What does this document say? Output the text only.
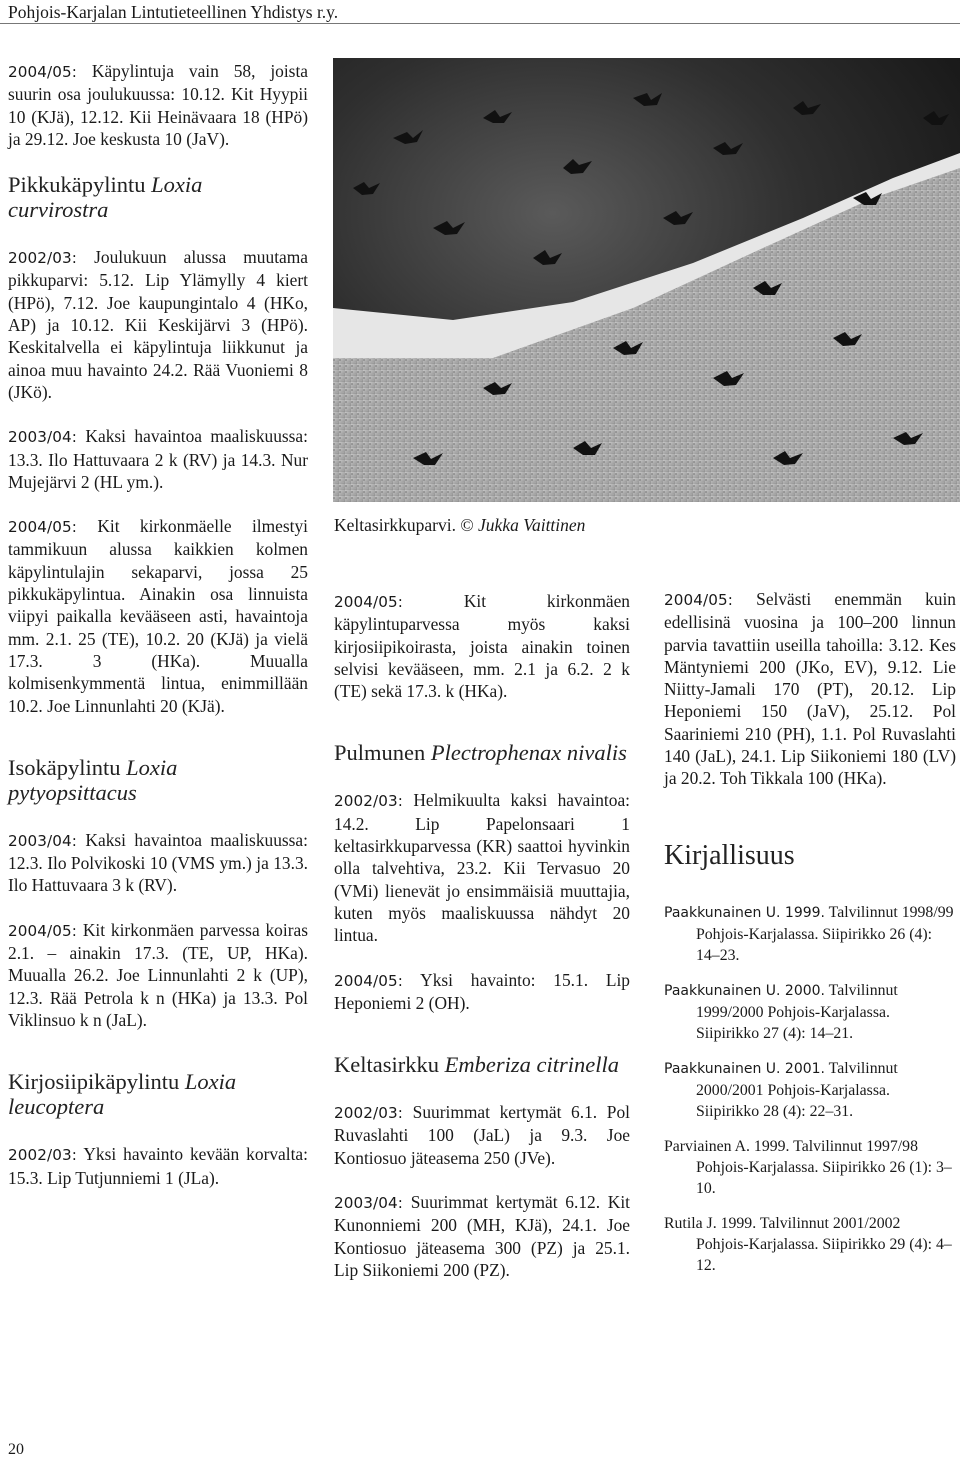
Pohjois-Karjalan Lintutieteellinen Yhdistys r.y.

2004/05: Käpylintuja vain 58, joista suurin osa joulukuussa: 10.12. Kit Hyypii 10 (KJä), 12.12. Kii Heinävaara 18 (HPö) ja 29.12. Joe keskusta 10 (JaV).

Pikkukäpylintu Loxia curvirostra

2002/03: Joulukuun alussa muutama pikkuparvi: 5.12. Lip Ylämylly 4 kiert (HPö), 7.12. Joe kaupungintalo 4 (HKo, AP) ja 10.12. Kii Keskijärvi 3 (HPö). Keskitalvella ei käpylintuja liikkunut ja ainoa muu havainto 24.2. Rää Vuoniemi 8 (JKö).

2003/04: Kaksi havaintoa maaliskuussa: 13.3. Ilo Hattuvaara 2 k (RV) ja 14.3. Nur Mujejärvi 2 (HL ym.).

2004/05: Kit kirkonmäelle ilmestyi tammikuun alussa kaikkien kolmen käpylintulajin sekaparvi, jossa 25 pikkukäpylintua. Ainakin osa linnuista viipyi paikalla kevääseen asti, havaintoja mm. 2.1. 25 (TE), 10.2. 20 (KJä) ja vielä 17.3. 3 (HKa). Muualla kolmisenkymmentä lintua, enimmillään 10.2. Joe Linnunlahti 20 (KJä).

Isokäpylintu Loxia pytyopsittacus

2003/04: Kaksi havaintoa maaliskuussa: 12.3. Ilo Polvikoski 10 (VMS ym.) ja 13.3. Ilo Hattuvaara 3 k (RV).

2004/05: Kit kirkonmäen parvessa koiras 2.1. – ainakin 17.3. (TE, UP, HKa). Muualla 26.2. Joe Linnunlahti 2 k (UP), 12.3. Rää Petrola k n (HKa) ja 13.3. Pol Viklinsuo k n (JaL).

Kirjosiipikäpylintu Loxia leucoptera

2002/03: Yksi havainto kevään korvalta: 15.3. Lip Tutjunniemi 1 (JLa).

Keltasirkkuparvi. © Jukka Vaittinen

2004/05: Kit kirkonmäen käpylintuparvessa myös kaksi kirjosiipikoirasta, joista ainakin toinen selvisi kevääseen, mm. 2.1 ja 6.2. 2 k (TE) sekä 17.3. k (HKa).

Pulmunen Plectrophenax nivalis

2002/03: Helmikuulta kaksi havaintoa: 14.2. Lip Papelonsaari 1 keltasirkkuparvessa (KR) saattoi hyvinkin olla talvehtiva, 23.2. Kii Tervasuo 20 (VMi) lienevät jo ensimmäisiä muuttajia, kuten myös maaliskuussa nähdyt 20 lintua.

2004/05: Yksi havainto: 15.1. Lip Heponiemi 2 (OH).

Keltasirkku Emberiza citrinella

2002/03: Suurimmat kertymät 6.1. Pol Ruvaslahti 100 (JaL) ja 9.3. Joe Kontiosuo jäteasema 250 (JVe).

2003/04: Suurimmat kertymät 6.12. Kit Kunonniemi 200 (MH, KJä), 24.1. Joe Kontiosuo jäteasema 300 (PZ) ja 25.1. Lip Siikoniemi 200 (PZ).

2004/05: Selvästi enemmän kuin edellisinä vuosina ja 100–200 linnun parvia tavattiin useilla tahoilla: 3.12. Kes Mäntyniemi 200 (JKo, EV), 9.12. Lie Niitty-Jamali 170 (PT), 20.12. Lip Heponiemi 150 (JaV), 25.12. Pol Saariniemi 210 (PH), 1.1. Pol Ruvaslahti 140 (JaL), 24.1. Lip Siikoniemi 180 (LV) ja 20.2. Toh Tikkala 100 (HKa).

Kirjallisuus

Paakkunainen U. 1999. Talvilinnut 1998/99 Pohjois-Karjalassa. Siipirikko 26 (4): 14–23.

Paakkunainen U. 2000. Talvilinnut 1999/2000 Pohjois-Karjalassa. Siipirikko 27 (4): 14–21.

Paakkunainen U. 2001. Talvilinnut 2000/2001 Pohjois-Karjalassa. Siipirikko 28 (4): 22–31.

Parviainen A. 1999. Talvilinnut 1997/98 Pohjois-Karjalassa. Siipirikko 26 (1): 3–10.

Rutila J. 1999. Talvilinnut 2001/2002 Pohjois-Karjalassa. Siipirikko 29 (4): 4–12.

20
